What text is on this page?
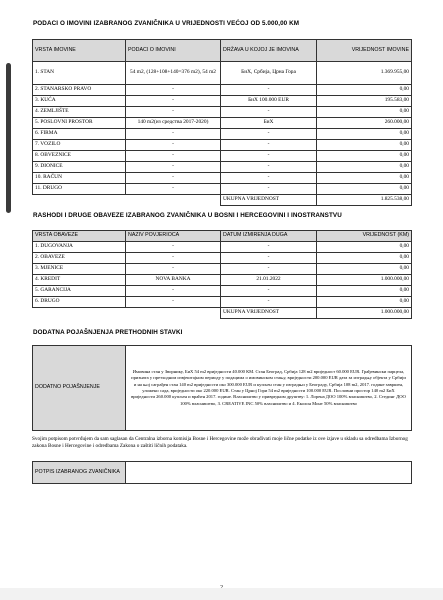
PODACI O IMOVINI IZABRANOG ZVANIČNIKA U VRIJEDNOSTI VEĆOJ OD 5.000,00 KM
VRSTA IMOVINE	PODACI O IMOVINI	DRŽAVA U KOJOJ JE IMOVINA	VRIJEDNOST IMOVINE
1. STAN	54 m2, (128+108+140=376 m2), 54 m2	БиХ, Србија, Црна Гора	1.369.955,00
2. STANARSKO PRAVO	-	-	0,00
3. KUĆA	-	БиХ 100.000 EUR	195.583,00
4. ZEMLJIŠTE	-	-	0,00
5. POSLOVNI PROSTOR	140 m2(из средства 2017-2020)	БиХ	260.000,00
6. FIRMA	-	-	0,00
7. VOZILO	-	-	0,00
8. OBVEZNICE	-	-	0,00
9. DIONICE	-	-	0,00
10. RAČUN	-	-	0,00
11. DRUGO	-	-	0,00
		UKUPNA VRIJEDNOST	1.825.538,00
RASHODI I DRUGE OBAVEZE IZABRANOG ZVANIČNIKA U BOSNI I HERCEGOVINI I INOSTRANSTVU
VRSTA OBAVEZE	NAZIV POVJERIOCA	DATUM IZMIRENJA DUGA	VRIJEDNOST (KM)
1. DUGOVANJA	-	-	0,00
2. OBAVEZE	-	-	0,00
3. MJENICE	-	-	0,00
4. KREDIT	NOVA BANKA	21.01.2022	1.000.000,00
5. GARANCIJA	-	-	0,00
6. DRUGO	-	-	0,00
		UKUPNA VRIJEDNOST	1.000.000,00
DODATNA POJAŠNJENJA PRETHODNIH STAVKI
DODATNO POJAŠNJENJE	Имовина стан у Зворнику, БиХ 54 m2 вриједности 40.000 КМ. Стан Београд, Србија 128 m2 вриједност 60.000 EUR. Грађевински парцела, призната у претходном извјештајном периоду у подацима о имовинском стању, вриједности 200.000 EUR дата за изградњу објекта у Србији и на њој саграђен стан 140 m2 вриједности око 300.000 EUR и купљен стан у изградњи у Београду, Србија 108 m2, 2017. године завршен, уложено сада, вриједности око 220.000 EUR. Стан у Црној Гори 54 m2 вриједности 100.000 EUR. Пословни простор 140 m2 БиХ вриједности 260.000 купљен и враћен 2017. године. Власништво у привредном друштву: 1. Лорена ДОО 100% власништво, 2. Стединг ДОО 100% власништво, 3. CREATIVE INC 50% власништво и 4. Еколон Монт 50% власништво
Svojim potpisom potvrđujem da sam saglasan da Centralna izborna komisija Bosne i Hercegovine može obrađivati moje lične podatke iz ove izjave u skladu sa odredbama Izbornog zakona Bosne i Hercegovine i odredbama Zakona o zaštiti ličnih podataka.
POTPIS IZABRANOG ZVANIČNIKA	
